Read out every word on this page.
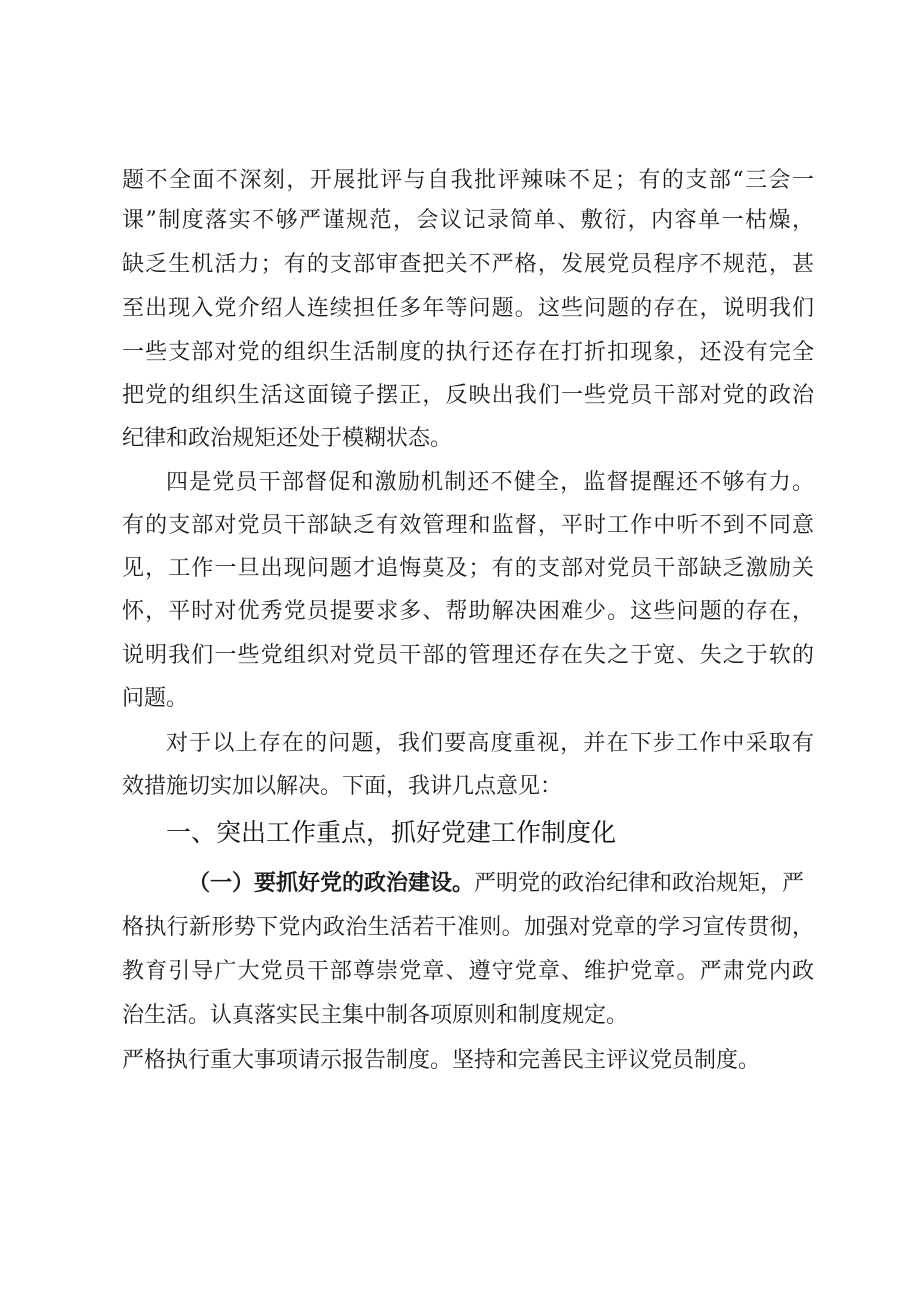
题不全面不深刻，开展批评与自我批评辣味不足；有的支部“三会一
课”制度落实不够严谨规范，会议记录简单、敷衍，内容单一枯燥，
缺乏生机活力；有的支部审查把关不严格，发展党员程序不规范，甚
至出现入党介绍人连续担任多年等问题。这些问题的存在，说明我们
一些支部对党的组织生活制度的执行还存在打折扣现象，还没有完全
把党的组织生活这面镜子摆正，反映出我们一些党员干部对党的政治
纪律和政治规矩还处于模糊状态。
四是党员干部督促和激励机制还不健全，监督提醒还不够有力。
有的支部对党员干部缺乏有效管理和监督，平时工作中听不到不同意
见，工作一旦出现问题才追悔莫及；有的支部对党员干部缺乏激励关
怀，平时对优秀党员提要求多、帮助解决困难少。这些问题的存在，
说明我们一些党组织对党员干部的管理还存在失之于宽、失之于软的
问题。
对于以上存在的问题，我们要高度重视，并在下步工作中采取有
效措施切实加以解决。下面，我讲几点意见：
一、突出工作重点，抓好党建工作制度化
（一）要抓好党的政治建设。严明党的政治纪律和政治规矩，严
格执行新形势下党内政治生活若干准则。加强对党章的学习宣传贯彻，
教育引导广大党员干部尊崇党章、遵守党章、维护党章。严肃党内政
治生活。认真落实民主集中制各项原则和制度规定。
严格执行重大事项请示报告制度。坚持和完善民主评议党员制度。
